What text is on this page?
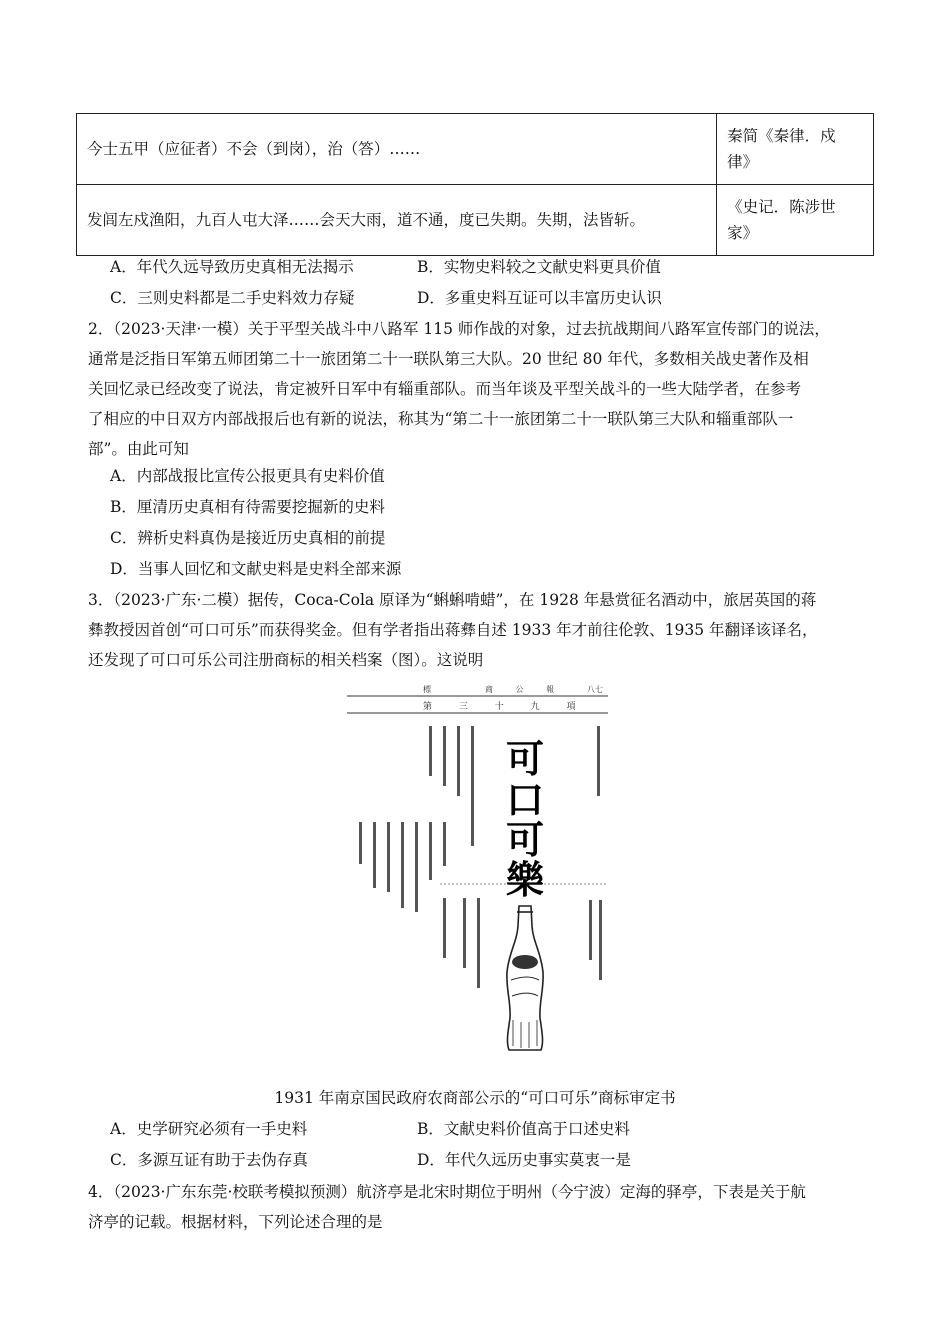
今士五甲（应征者）不会（到岗），治（答）……	秦简《秦律．戍
律》

发闾左戍渔阳，九百人屯大泽……会天大雨，道不通，度已失期。失期，法皆斩。	《史记．陈涉世
家》
A．年代久远导致历史真相无法揭示	B．实物史料较之文献史料更具价值
C．三则史料都是二手史料效力存疑	D．多重史料互证可以丰富历史认识
2．（2023·天津·一模）关于平型关战斗中八路军 115 师作战的对象，过去抗战期间八路军宣传部门的说法，
通常是泛指日军第五师团第二十一旅团第二十一联队第三大队。20 世纪 80 年代，多数相关战史著作及相
关回忆录已经改变了说法，肯定被歼日军中有辎重部队。而当年谈及平型关战斗的一些大陆学者，在参考
了相应的中日双方内部战报后也有新的说法，称其为“第二十一旅团第二十一联队第三大队和辎重部队一
部”。由此可知
A．内部战报比宣传公报更具有史料价值
B．厘清历史真相有待需要挖掘新的史料
C．辨析史料真伪是接近历史真相的前提
D．当事人回忆和文献史料是史料全部来源
3．（2023·广东·二模）据传，Coca-Cola 原译为“蝌蝌啃蜡”，在 1928 年悬赏征名酒动中，旅居英国的蒋
彝教授因首创“可口可乐”而获得奖金。但有学者指出蒋彝自述 1933 年才前往伦敦、1935 年翻译该译名，
还发现了可口可乐公司注册商标的相关档案（图）。这说明
標	商 公 報	八七
第 三 十 九 項
可
口
可
樂
1931 年南京国民政府农商部公示的“可口可乐”商标审定书
A．史学研究必须有一手史料	B．文献史料价值高于口述史料
C．多源互证有助于去伪存真	D．年代久远历史事实莫衷一是
4．（2023·广东东莞·校联考模拟预测）航济亭是北宋时期位于明州（今宁波）定海的驿亭，下表是关于航
济亭的记载。根据材料，下列论述合理的是
